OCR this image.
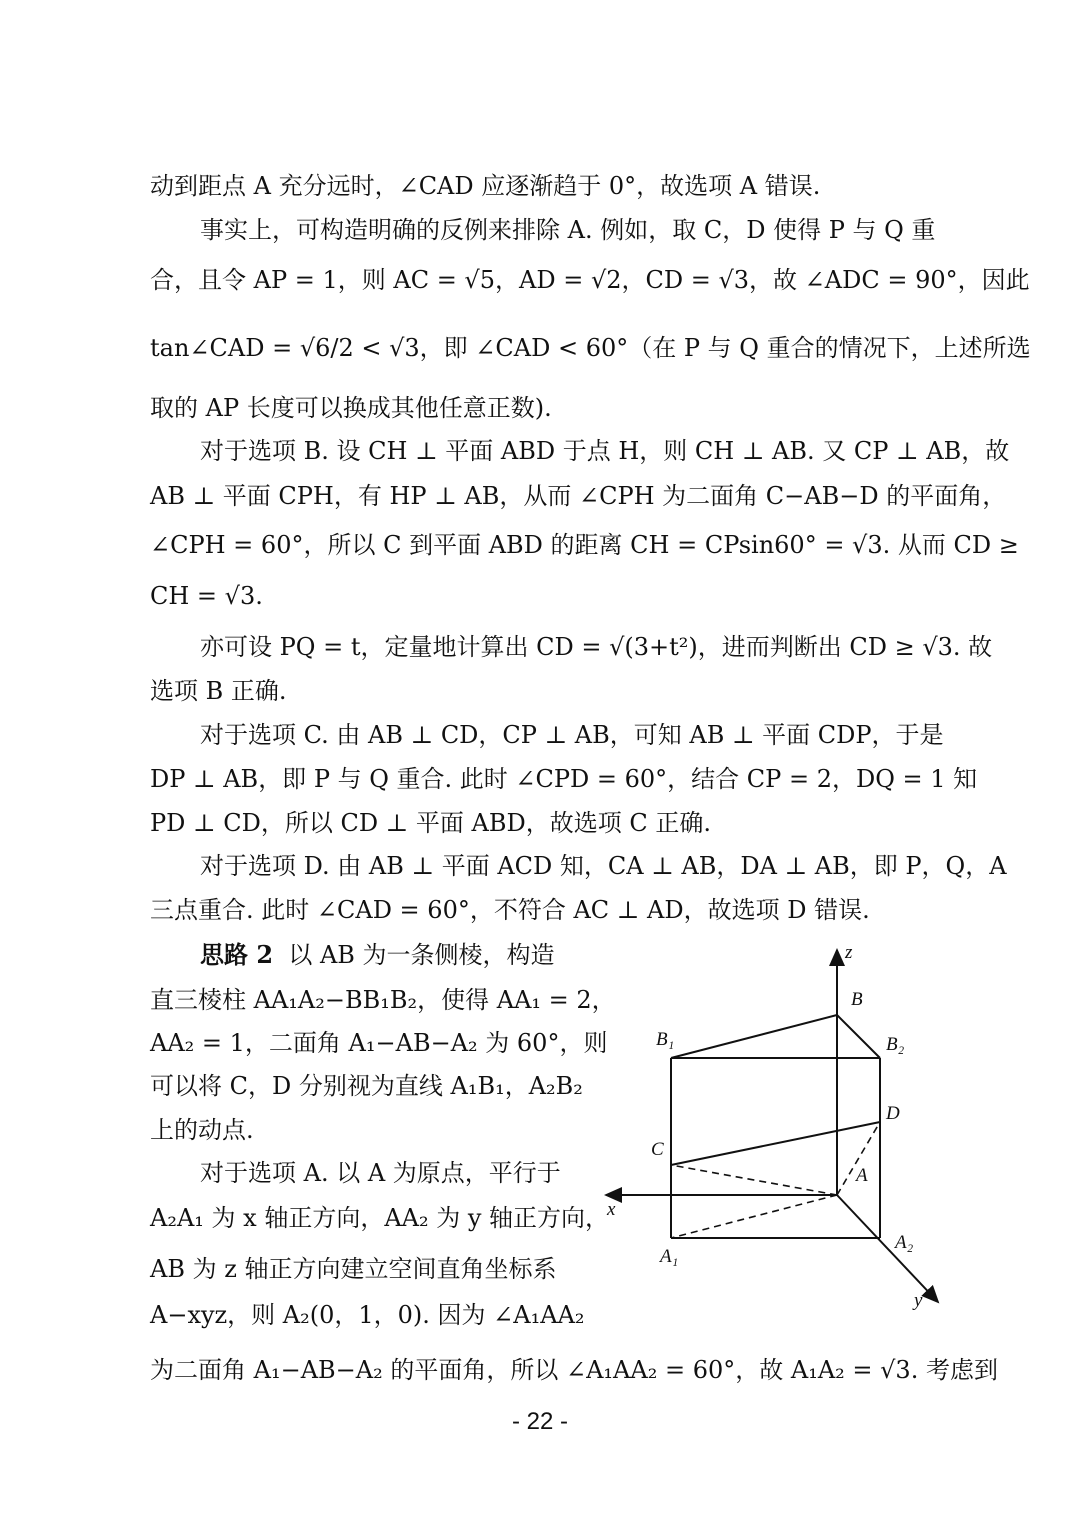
动到距点 A 充分远时，∠CAD 应逐渐趋于 0°，故选项 A 错误.
事实上，可构造明确的反例来排除 A. 例如，取 C，D 使得 P 与 Q 重
合，且令 AP = 1，则 AC = √5，AD = √2，CD = √3，故 ∠ADC = 90°，因此
tan∠CAD = √6/2 < √3，即 ∠CAD < 60°（在 P 与 Q 重合的情况下，上述所选
取的 AP 长度可以换成其他任意正数).
对于选项 B. 设 CH ⊥ 平面 ABD 于点 H，则 CH ⊥ AB. 又 CP ⊥ AB，故
AB ⊥ 平面 CPH，有 HP ⊥ AB，从而 ∠CPH 为二面角 C−AB−D 的平面角，
∠CPH = 60°，所以 C 到平面 ABD 的距离 CH = CPsin60° = √3. 从而 CD ≥
CH = √3.
亦可设 PQ = t，定量地计算出 CD = √(3+t²)，进而判断出 CD ≥ √3. 故
选项 B 正确.
对于选项 C. 由 AB ⊥ CD，CP ⊥ AB，可知 AB ⊥ 平面 CDP，于是
DP ⊥ AB，即 P 与 Q 重合. 此时 ∠CPD = 60°，结合 CP = 2，DQ = 1 知
PD ⊥ CD，所以 CD ⊥ 平面 ABD，故选项 C 正确.
对于选项 D. 由 AB ⊥ 平面 ACD 知，CA ⊥ AB，DA ⊥ AB，即 P，Q，A
三点重合. 此时 ∠CAD = 60°，不符合 AC ⊥ AD，故选项 D 错误.
思路 2 以 AB 为一条侧棱，构造
直三棱柱 AA₁A₂−BB₁B₂，使得 AA₁ = 2，
AA₂ = 1，二面角 A₁−AB−A₂ 为 60°，则
可以将 C，D 分别视为直线 A₁B₁，A₂B₂
上的动点.
对于选项 A. 以 A 为原点，平行于
A₂A₁ 为 x 轴正方向，AA₂ 为 y 轴正方向，
AB 为 z 轴正方向建立空间直角坐标系
A−xyz，则 A₂(0，1，0). 因为 ∠A₁AA₂
为二面角 A₁−AB−A₂ 的平面角，所以 ∠A₁AA₂ = 60°，故 A₁A₂ = √3. 考虑到
z
B
B₁	B₂
D
C
A
x
A₁
A₂
y
- 22 -
